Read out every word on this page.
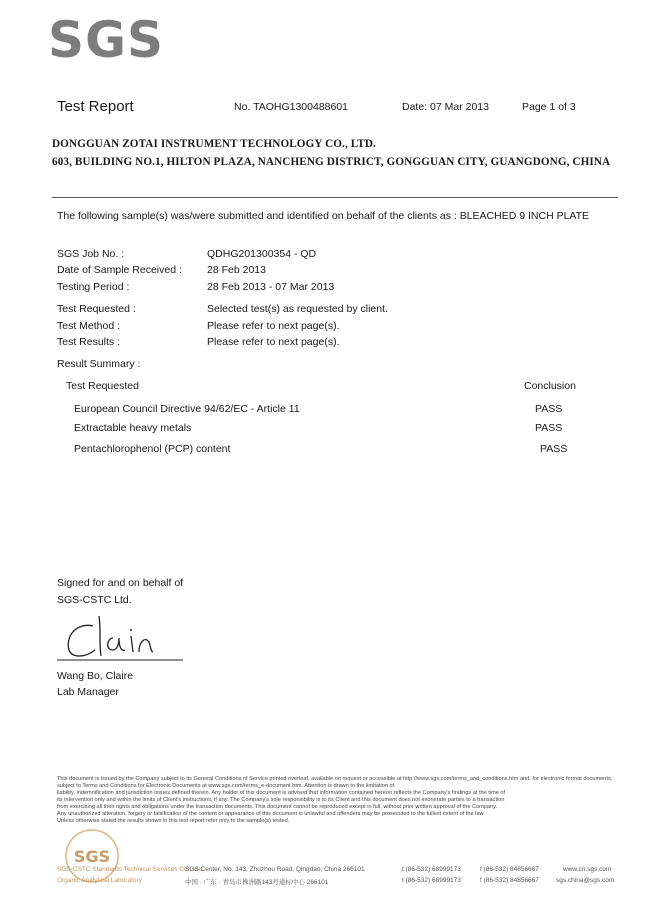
SGS
Test Report	No. TAOHG1300488601	Date: 07 Mar 2013	Page 1 of 3
DONGGUAN ZOTAI INSTRUMENT TECHNOLOGY CO., LTD.
603, BUILDING NO.1, HILTON PLAZA, NANCHENG DISTRICT, GONGGUAN CITY, GUANGDONG, CHINA
The following sample(s) was/were submitted and identified on behalf of the clients as : BLEACHED 9 INCH PLATE
SGS Job No. :	QDHG201300354 - QD
Date of Sample Received : 28 Feb 2013
Testing Period :	28 Feb 2013 - 07 Mar 2013
Test Requested :	Selected test(s) as requested by client.
Test Method :	Please refer to next page(s).
Test Results :	Please refer to next page(s).
Result Summary :
Test Requested	Conclusion
European Council Directive 94/62/EC - Article 11	PASS
Extractable heavy metals	PASS
Pentachlorophenol (PCP) content	PASS
Signed for and on behalf of
SGS-CSTC Ltd.
Wang Bo, Claire
Lab Manager
This document is issued by the Company subject to its General Conditions of Service printed overleaf, available on request or accessible at http://www.sgs.com/terms_and_conditions.htm and, for electronic format documents, subject to Terms and Conditions for Electronic Documents at www.sgs.com/terms_e-document.htm. Attention is drawn to the limitation of
liability, indemnification and jurisdiction issues defined therein. Any holder of this document is advised that information contained hereon reflects the Company's findings at the time of
its intervention only and within the limits of Client's instructions, if any. The Company's sole responsibility is to its Client and this document does not exonerate parties to a transaction
from exercising all their rights and obligations under the transaction documents. This document cannot be reproduced except in full, without prior written approval of the Company.
Any unauthorized alteration, forgery or falsification of the content or appearance of this document is unlawful and offenders may be prosecuted to the fullest extent of the law.
Unless otherwise stated the results shown in this test report refer only to the sample(s) tested.
SGS
SGS-CSTC Standards Technical Services Co., Ltd.
Organic Analytical Laboratory
SGS Center, No. 143, Zhuzhou Road, Qingdao, China 266101
中国 · 广东 · 青岛市株洲路143号通标中心 266101
t (86-532) 68999173
t (86-532) 68999173
f (86-532) 84856667
f (86-532) 84856667
www.cn.sgs.com
sgs.china@sgs.com
